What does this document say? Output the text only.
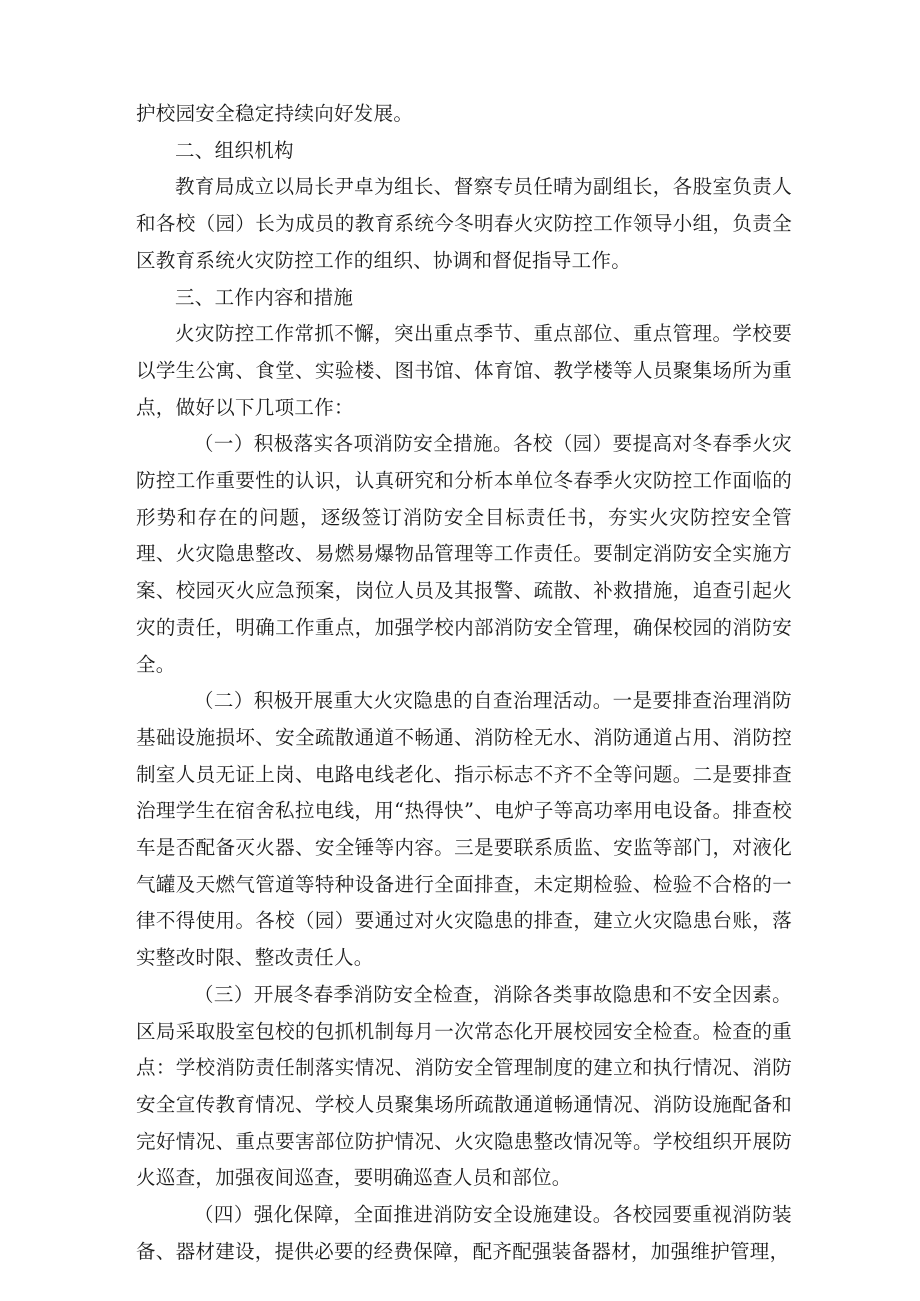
护校园安全稳定持续向好发展。

二、组织机构

教育局成立以局长尹卓为组长、督察专员任晴为副组长，各股室负责人和各校（园）长为成员的教育系统今冬明春火灾防控工作领导小组，负责全区教育系统火灾防控工作的组织、协调和督促指导工作。

三、工作内容和措施

火灾防控工作常抓不懈，突出重点季节、重点部位、重点管理。学校要以学生公寓、食堂、实验楼、图书馆、体育馆、教学楼等人员聚集场所为重点，做好以下几项工作：

（一）积极落实各项消防安全措施。各校（园）要提高对冬春季火灾防控工作重要性的认识，认真研究和分析本单位冬春季火灾防控工作面临的形势和存在的问题，逐级签订消防安全目标责任书，夯实火灾防控安全管理、火灾隐患整改、易燃易爆物品管理等工作责任。要制定消防安全实施方案、校园灭火应急预案，岗位人员及其报警、疏散、补救措施，追查引起火灾的责任，明确工作重点，加强学校内部消防安全管理，确保校园的消防安全。

（二）积极开展重大火灾隐患的自查治理活动。一是要排查治理消防基础设施损坏、安全疏散通道不畅通、消防栓无水、消防通道占用、消防控制室人员无证上岗、电路电线老化、指示标志不齐不全等问题。二是要排查治理学生在宿舍私拉电线，用“热得快”、电炉子等高功率用电设备。排查校车是否配备灭火器、安全锤等内容。三是要联系质监、安监等部门，对液化气罐及天燃气管道等特种设备进行全面排查，未定期检验、检验不合格的一律不得使用。各校（园）要通过对火灾隐患的排查，建立火灾隐患台账，落实整改时限、整改责任人。

（三）开展冬春季消防安全检查，消除各类事故隐患和不安全因素。区局采取股室包校的包抓机制每月一次常态化开展校园安全检查。检查的重点：学校消防责任制落实情况、消防安全管理制度的建立和执行情况、消防安全宣传教育情况、学校人员聚集场所疏散通道畅通情况、消防设施配备和完好情况、重点要害部位防护情况、火灾隐患整改情况等。学校组织开展防火巡查，加强夜间巡查，要明确巡查人员和部位。

（四）强化保障，全面推进消防安全设施建设。各校园要重视消防装备、器材建设，提供必要的经费保障，配齐配强装备器材，加强维护管理，
